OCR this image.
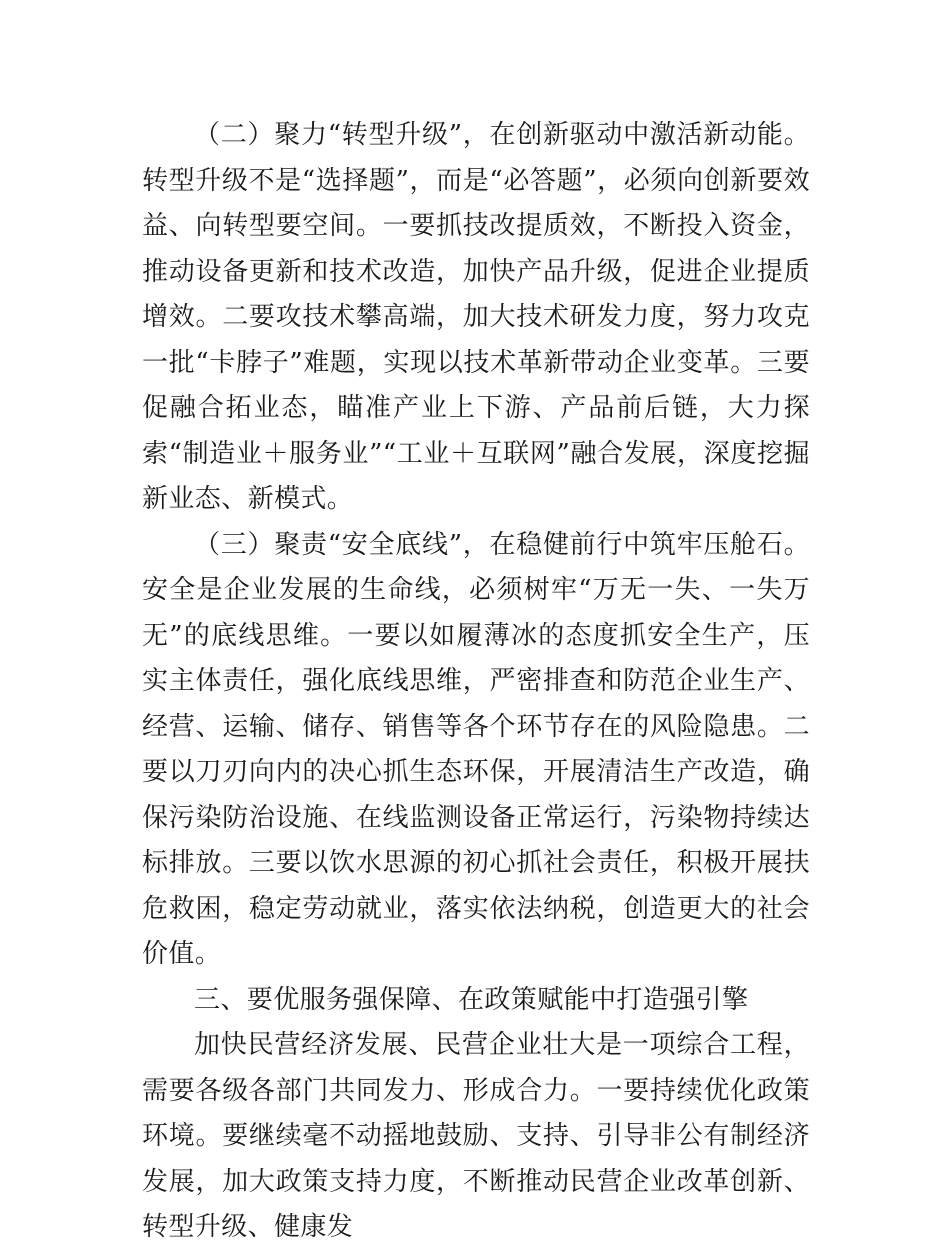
（二）聚力“转型升级”，在创新驱动中激活新动能。转型升级不是“选择题”，而是“必答题”，必须向创新要效益、向转型要空间。一要抓技改提质效，不断投入资金，推动设备更新和技术改造，加快产品升级，促进企业提质增效。二要攻技术攀高端，加大技术研发力度，努力攻克一批“卡脖子”难题，实现以技术革新带动企业变革。三要促融合拓业态，瞄准产业上下游、产品前后链，大力探索“制造业＋服务业”“工业＋互联网”融合发展，深度挖掘新业态、新模式。

（三）聚责“安全底线”，在稳健前行中筑牢压舱石。安全是企业发展的生命线，必须树牢“万无一失、一失万无”的底线思维。一要以如履薄冰的态度抓安全生产，压实主体责任，强化底线思维，严密排查和防范企业生产、经营、运输、储存、销售等各个环节存在的风险隐患。二要以刀刃向内的决心抓生态环保，开展清洁生产改造，确保污染防治设施、在线监测设备正常运行，污染物持续达标排放。三要以饮水思源的初心抓社会责任，积极开展扶危救困，稳定劳动就业，落实依法纳税，创造更大的社会价值。

三、要优服务强保障、在政策赋能中打造强引擎

加快民营经济发展、民营企业壮大是一项综合工程，需要各级各部门共同发力、形成合力。一要持续优化政策环境。要继续毫不动摇地鼓励、支持、引导非公有制经济发展，加大政策支持力度，不断推动民营企业改革创新、转型升级、健康发
